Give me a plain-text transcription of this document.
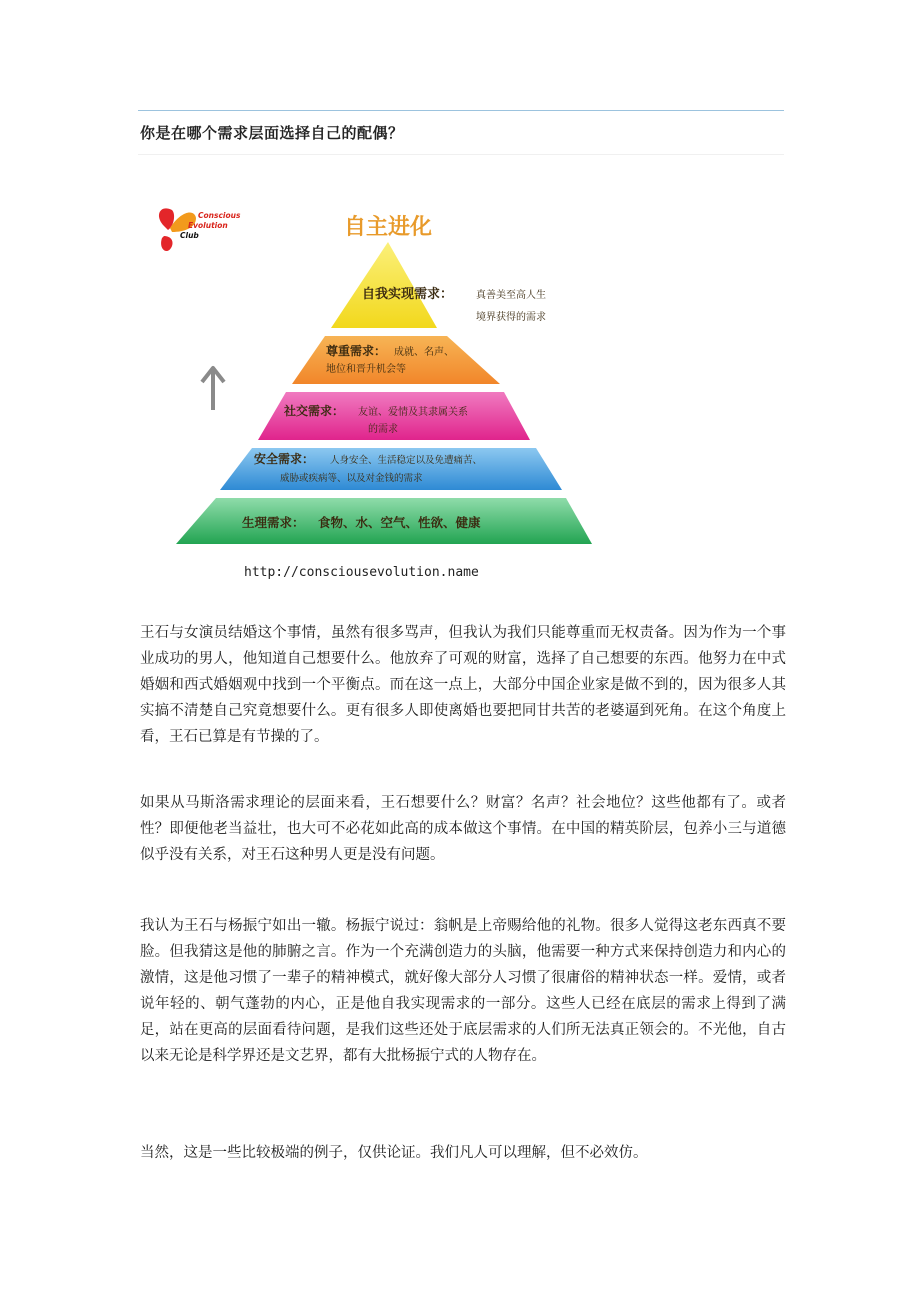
你是在哪个需求层面选择自己的配偶？
Conscious
Evolution
Club	自主进化
自我实现需求： 真善美至高人生
境界获得的需求
尊重需求： 成就、名声、
地位和晋升机会等
社交需求： 友谊、爱情及其隶属关系
的需求
安全需求： 人身安全、生活稳定以及免遭痛苦、
威胁或疾病等、以及对金钱的需求
生理需求： 食物、水、空气、性欲、健康
http://consciousevolution.name

王石与女演员结婚这个事情，虽然有很多骂声，但我认为我们只能尊重而无权责备。因为作为一个事业成功的男人，他知道自己想要什么。他放弃了可观的财富，选择了自己想要的东西。他努力在中式婚姻和西式婚姻观中找到一个平衡点。而在这一点上，大部分中国企业家是做不到的，因为很多人其实搞不清楚自己究竟想要什么。更有很多人即使离婚也要把同甘共苦的老婆逼到死角。在这个角度上看，王石已算是有节操的了。

如果从马斯洛需求理论的层面来看，王石想要什么？财富？名声？社会地位？这些他都有了。或者性？即便他老当益壮，也大可不必花如此高的成本做这个事情。在中国的精英阶层，包养小三与道德似乎没有关系，对王石这种男人更是没有问题。

我认为王石与杨振宁如出一辙。杨振宁说过：翁帆是上帝赐给他的礼物。很多人觉得这老东西真不要脸。但我猜这是他的肺腑之言。作为一个充满创造力的头脑，他需要一种方式来保持创造力和内心的激情，这是他习惯了一辈子的精神模式，就好像大部分人习惯了很庸俗的精神状态一样。爱情，或者说年轻的、朝气蓬勃的内心，正是他自我实现需求的一部分。这些人已经在底层的需求上得到了满足，站在更高的层面看待问题，是我们这些还处于底层需求的人们所无法真正领会的。不光他，自古以来无论是科学界还是文艺界，都有大批杨振宁式的人物存在。

当然，这是一些比较极端的例子，仅供论证。我们凡人可以理解，但不必效仿。
